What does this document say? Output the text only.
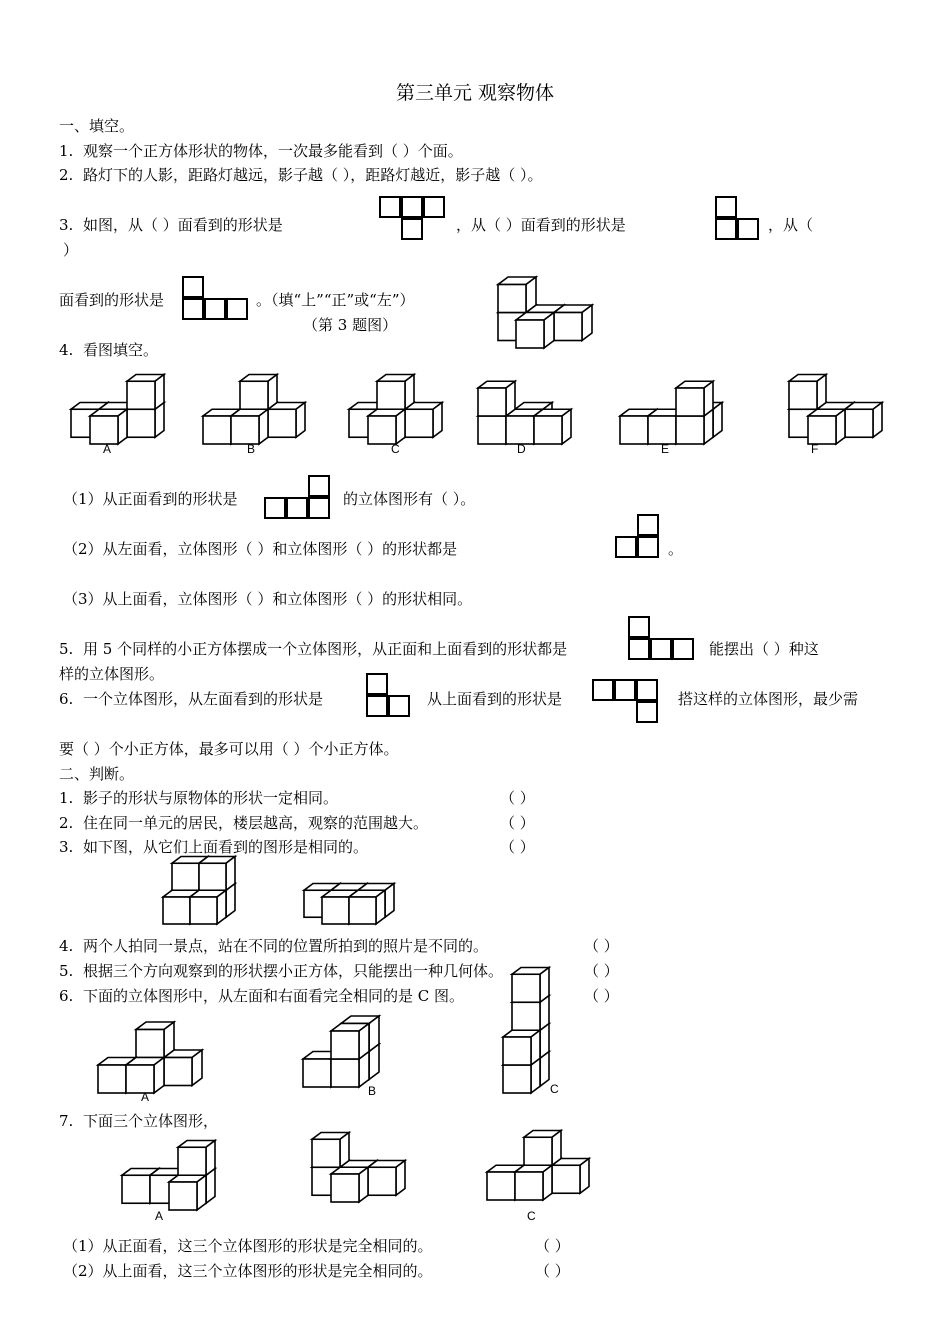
第三单元 观察物体
一、填空。
1. 观察一个正方体形状的物体，一次最多能看到（ ）个面。
2. 路灯下的人影，距路灯越远，影子越（ ），距路灯越近，影子越（ ）。
3. 如图，从（ ）面看到的形状是	，从（ ）面看到的形状是	，从（
）
面看到的形状是	。（填“上”“正”或“左”）
（第 3 题图）
4. 看图填空。
A	B	C	D	E	F
（1）从正面看到的形状是	的立体图形有（ ）。
（2）从左面看，立体图形（ ）和立体图形（ ）的形状都是	。
（3）从上面看，立体图形（ ）和立体图形（ ）的形状相同。
5. 用 5 个同样的小正方体摆成一个立体图形，从正面和上面看到的形状都是	能摆出（ ）种这
样的立体图形。
6. 一个立体图形，从左面看到的形状是	从上面看到的形状是	搭这样的立体图形，最少需
要（ ）个小正方体，最多可以用（ ）个小正方体。
二、判断。
1. 影子的形状与原物体的形状一定相同。	（ ）
2. 住在同一单元的居民，楼层越高，观察的范围越大。	（ ）
3. 如下图，从它们上面看到的图形是相同的。	（ ）
4. 两个人拍同一景点，站在不同的位置所拍到的照片是不同的。	（ ）
5. 根据三个方向观察到的形状摆小正方体，只能摆出一种几何体。	（ ）
6. 下面的立体图形中，从左面和右面看完全相同的是 C 图。	（ ）
A	B	C
7. 下面三个立体图形，
A	C
（1）从正面看，这三个立体图形的形状是完全相同的。	（ ）
（2）从上面看，这三个立体图形的形状是完全相同的。	（ ）
